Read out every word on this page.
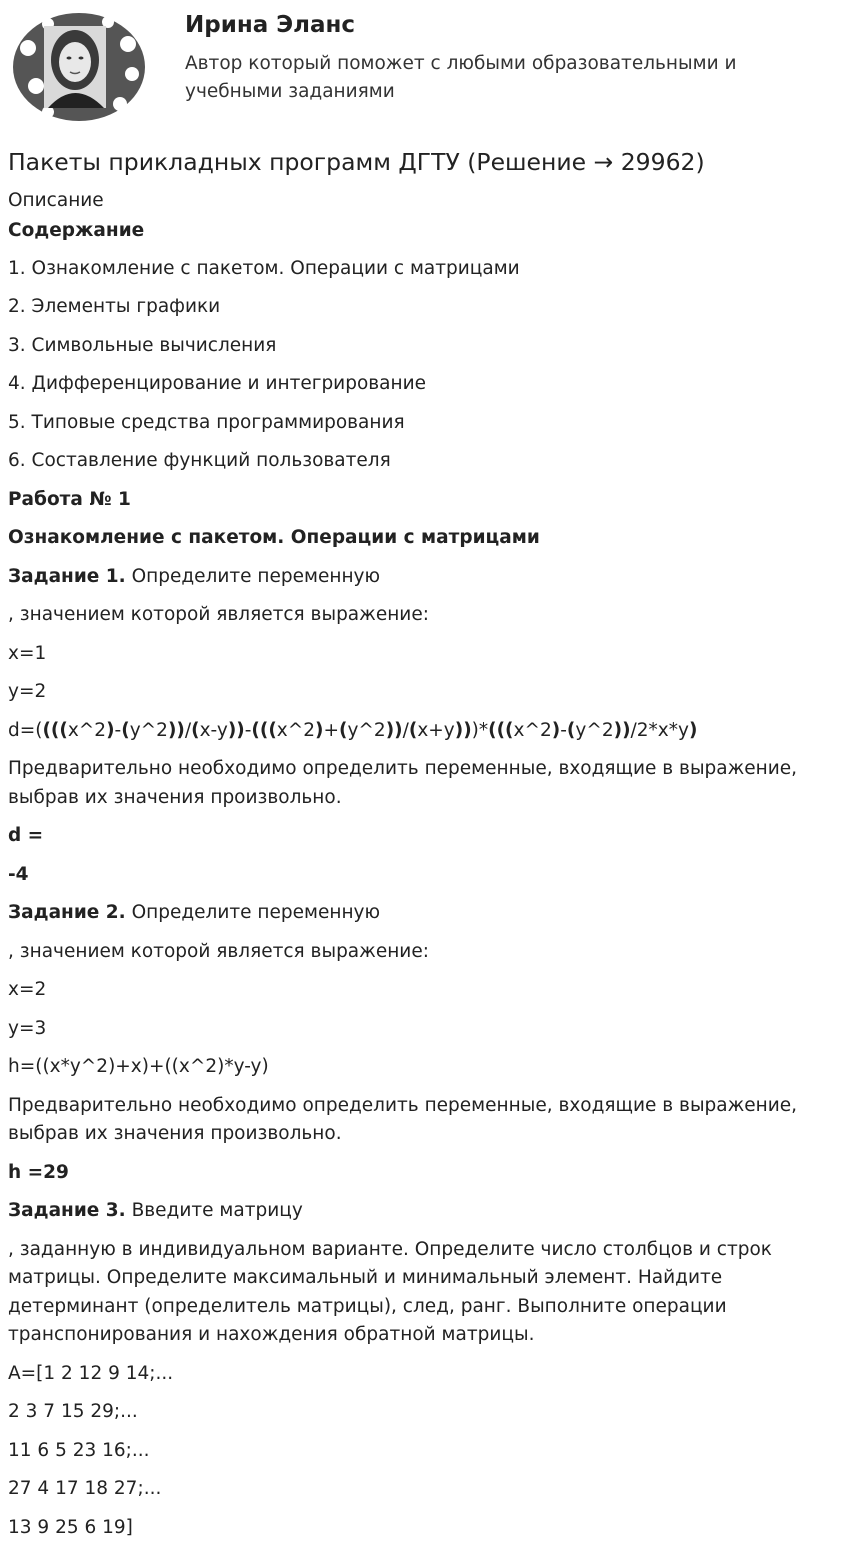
Ирина Эланс
Автор который поможет с любыми образовательными и учебными заданиями
Пакеты прикладных программ ДГТУ (Решение → 29962)

Описание

Содержание

1. Ознакомление с пакетом. Операции с матрицами

2. Элементы графики

3. Символьные вычисления

4. Дифференцирование и интегрирование

5. Типовые средства программирования

6. Составление функций пользователя

Работа № 1

Ознакомление с пакетом. Операции с матрицами

Задание 1. Определите переменную

, значением которой является выражение:

x=1

y=2

d=((((x^2)-(y^2))/(x-y))-(((x^2)+(y^2))/(x+y)))*(((x^2)-(y^2))/2*x*y)

Предварительно необходимо определить переменные, входящие в выражение, выбрав их значения произвольно.

d =

-4

Задание 2. Определите переменную

, значением которой является выражение:

x=2

y=3

h=((x*y^2)+x)+((x^2)*y-y)

Предварительно необходимо определить переменные, входящие в выражение, выбрав их значения произвольно.

h =29

Задание 3. Введите матрицу

, заданную в индивидуальном варианте. Определите число столбцов и строк матрицы. Определите максимальный и минимальный элемент. Найдите детерминант (определитель матрицы), след, ранг. Выполните операции транспонирования и нахождения обратной матрицы.

A=[1 2 12 9 14;...

2 3 7 15 29;...

11 6 5 23 16;...

27 4 17 18 27;...

13 9 25 6 19]
